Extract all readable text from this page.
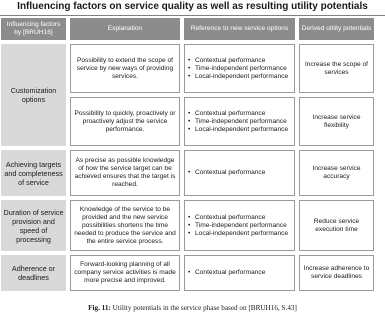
Influencing factors on service quality as well as resulting utility potentials
Influencing factors by [BRUH16]
Explanation	Reference to new service options	Derived utility potentials
Customization options
Possibility to extend the scope of service by new ways of providing services.
• Contextual performance
• Time-independent performance
• Local-independent performance
Increase the scope of services
Possibility to quickly, proactively or proactively adjust the service performance.
• Contextual performance
• Time-independent performance
• Local-independent performance
Increase service flexibility
Achieving targets and completeness of service
As precise as possible knowledge of how the service target can be achieved ensures that the target is reached.
• Contextual performance
Increase service accuracy
Duration of service provision and speed of processing
Knowledge of the service to be provided and the new service possibilities shortens the time needed to produce the service and the entire service process.
• Contextual performance
• Time-independent performance
• Local-independent performance
Reduce service execution time
Adherence or deadlines
Forward-looking planning of all company service activities is made more precise and improved.
• Contextual performance
Increase adherence to service deadlines
Fig. 11: Utility potentials in the service phase based on [BRUH16, S.43]
